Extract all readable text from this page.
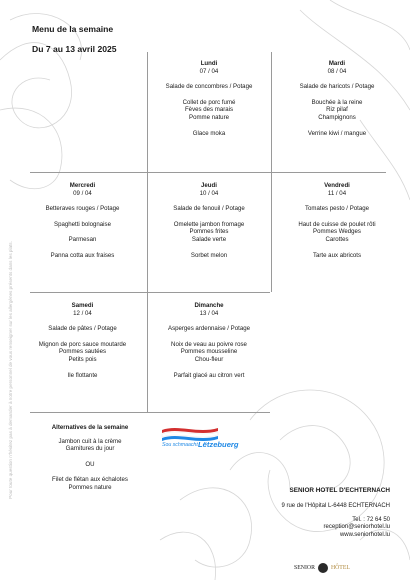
Menu de la semaine
Du 7 au 13 avril 2025
Lundi
07 / 04
Salade de concombres / Potage
Collet de porc fumé
Fèves des marais
Pomme nature
Glace moka
Mardi
08 / 04
Salade de haricots / Potage
Bouchée à la reine
Riz pilaf
Champignons
Verrine kiwi / mangue
Mercredi
09 / 04
Betteraves rouges / Potage
Spaghetti bolognaise
Parmesan
Panna cotta aux fraises
Jeudi
10 / 04
Salade de fenouil / Potage
Omelette jambon fromage
Pommes frites
Salade verte
Sorbet melon
Vendredi
11 / 04
Tomates pesto / Potage
Haut de cuisse de poulet rôti
Pommes Wedges
Carottes
Tarte aux abricots
Samedi
12 / 04
Salade de pâtes / Potage
Mignon de porc sauce moutarde
Pommes sautées
Petits pois
Ile flottante
Dimanche
13 / 04
Asperges ardennaise / Potage
Noix de veau au poivre rose
Pommes mousseline
Chou-fleur
Parfait glacé au citron vert
Alternatives de la semaine
Jambon cuit à la crème
Garnitures du jour
OU
Filet de flétan aux échalotes
Pommes nature
Pour toute question n'hésitez pas à demander à notre personnel de vous renseigner sur les allergènes présents dans les plats.	Sou schmaacht Lëtzebuerg
SENIOR HOTEL D'ECHTERNACH
9 rue de l'Hôpital L-6448 ECHTERNACH
Tel. : 72 64 50
reception@seniorhotel.lu
www.seniorhotel.lu
SENIOR	HÔTEL
